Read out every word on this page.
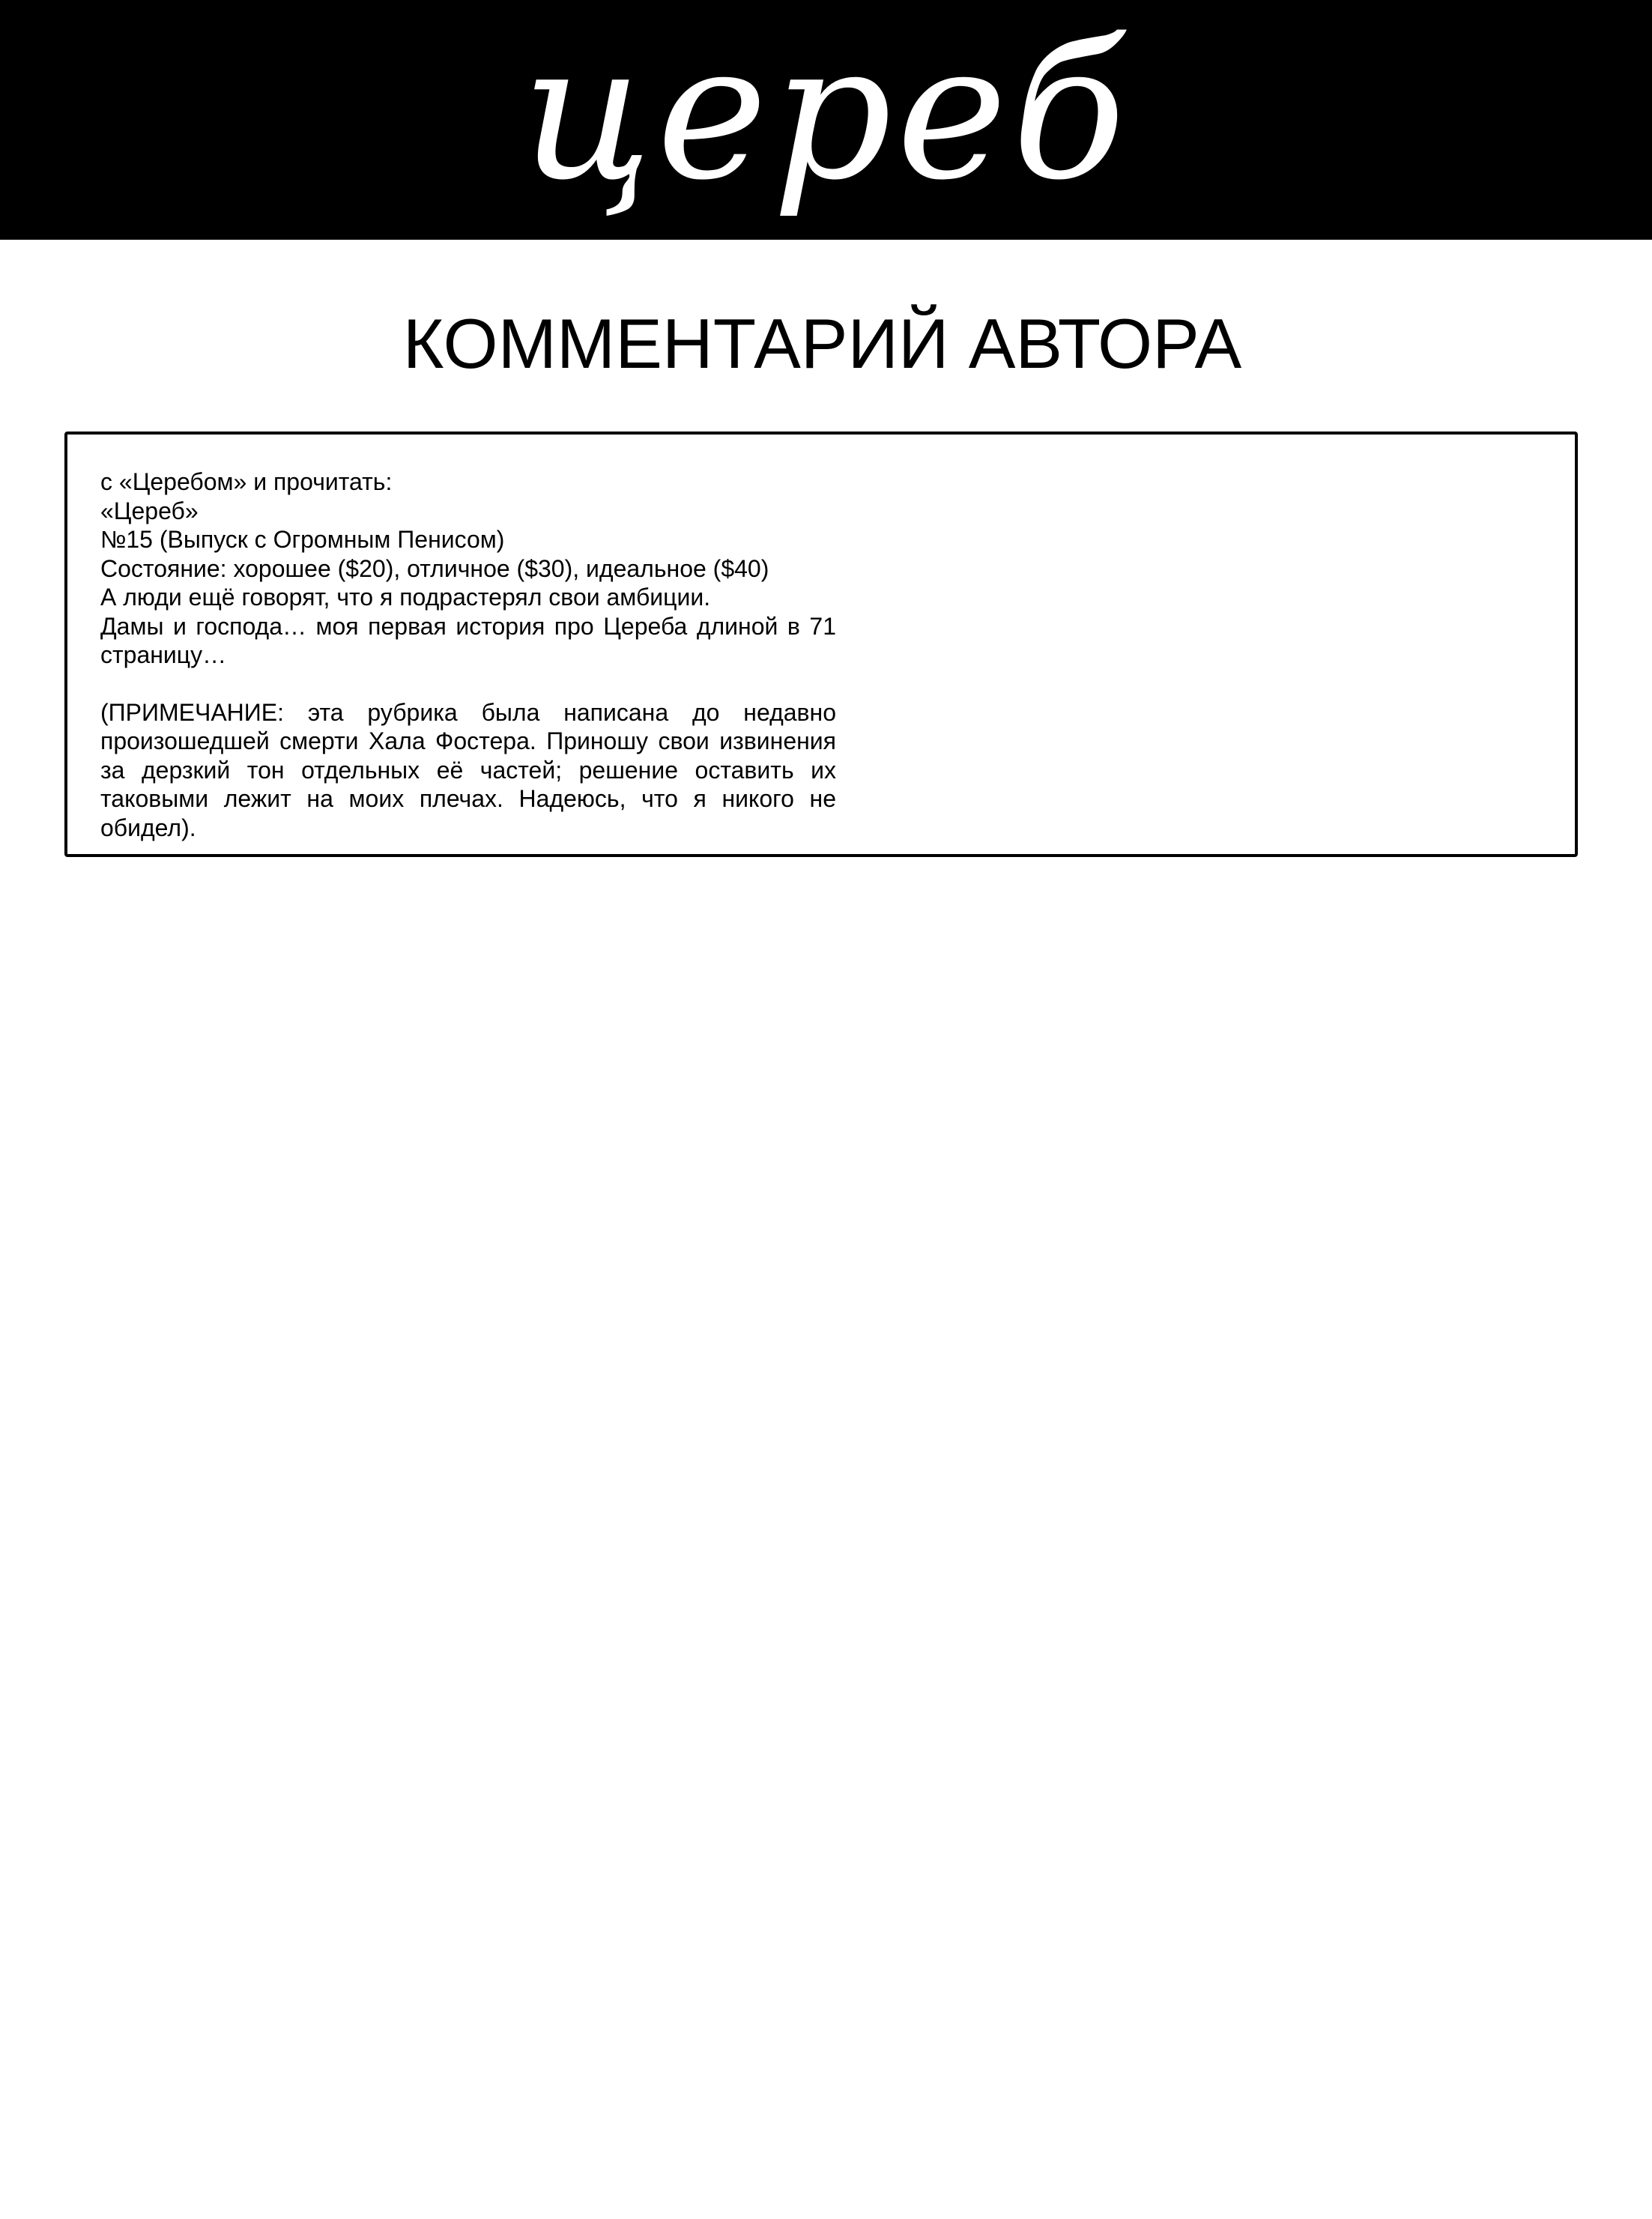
цереб
КОММЕНТАРИЙ АВТОРА
с «Церебом» и прочитать:
«Цереб»
№15 (Выпуск с Огромным Пенисом)
Состояние: хорошее ($20), отличное ($30), идеальное ($40)
А люди ещё говорят, что я подрастерял свои амбиции.

Дамы и господа… моя первая история про Цереба длиной в 71 страницу…

(ПРИМЕЧАНИЕ: эта рубрика была написана до недавно произошедшей смерти Хала Фостера. Приношу свои извинения за дерзкий тон отдельных её частей; решение оставить их таковыми лежит на моих плечах. Надеюсь, что я никого не обидел).
